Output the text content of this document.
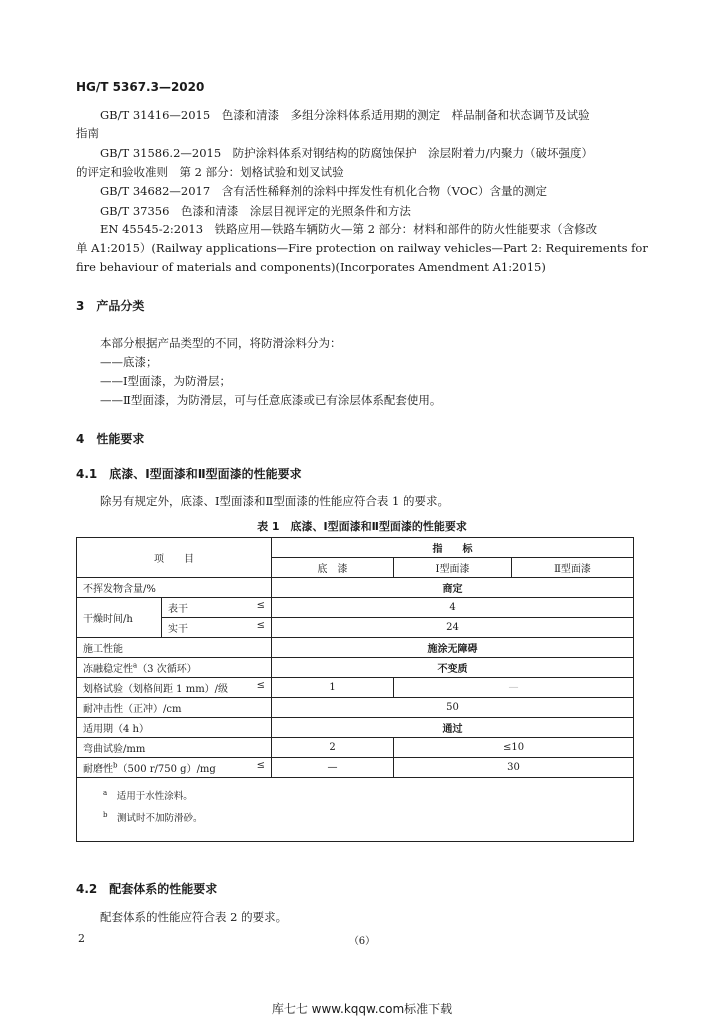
HG/T 5367.3—2020
GB/T 31416—2015　色漆和清漆　多组分涂料体系适用期的测定　样品制备和状态调节及试验
指南
GB/T 31586.2—2015　防护涂料体系对钢结构的防腐蚀保护　涂层附着力/内聚力（破坏强度）
的评定和验收准则　第 2 部分：划格试验和划叉试验
GB/T 34682—2017　含有活性稀释剂的涂料中挥发性有机化合物（VOC）含量的测定
GB/T 37356　色漆和清漆　涂层目视评定的光照条件和方法
EN 45545-2:2013　铁路应用—铁路车辆防火—第 2 部分：材料和部件的防火性能要求（含修改
单 A1:2015）(Railway applications—Fire protection on railway vehicles—Part 2: Requirements for
fire behaviour of materials and components)(Incorporates Amendment A1:2015)
3　产品分类
本部分根据产品类型的不同，将防滑涂料分为：
——底漆；
——Ⅰ型面漆，为防滑层；
——Ⅱ型面漆，为防滑层，可与任意底漆或已有涂层体系配套使用。
4　性能要求
4.1　底漆、Ⅰ型面漆和Ⅱ型面漆的性能要求
除另有规定外，底漆、Ⅰ型面漆和Ⅱ型面漆的性能应符合表 1 的要求。
表 1　底漆、Ⅰ型面漆和Ⅱ型面漆的性能要求
项　　目		指　　标		
		底　漆	Ⅰ型面漆	Ⅱ型面漆
不挥发物含量/%		商定		
干燥时间/h	表干 ≤	4		
	实干 ≤	24		
施工性能		施涂无障碍		
冻融稳定性$^a$（3 次循环）		不变质		
划格试验（划格间距 1 mm）/级 ≤		1	—	
耐冲击性（正冲）/cm		50		
适用期（4 h）		通过		
弯曲试验/mm		2	≤10	
耐磨性$^b$（500 r/750 g）/mg ≤		—	30	

$^a$　 适用于水性涂料。
$^b$　 测试时不加防滑砂。				
4.2　配套体系的性能要求
配套体系的性能应符合表 2 的要求。
2	（6）
库七七 www.kqqw.com标准下载
